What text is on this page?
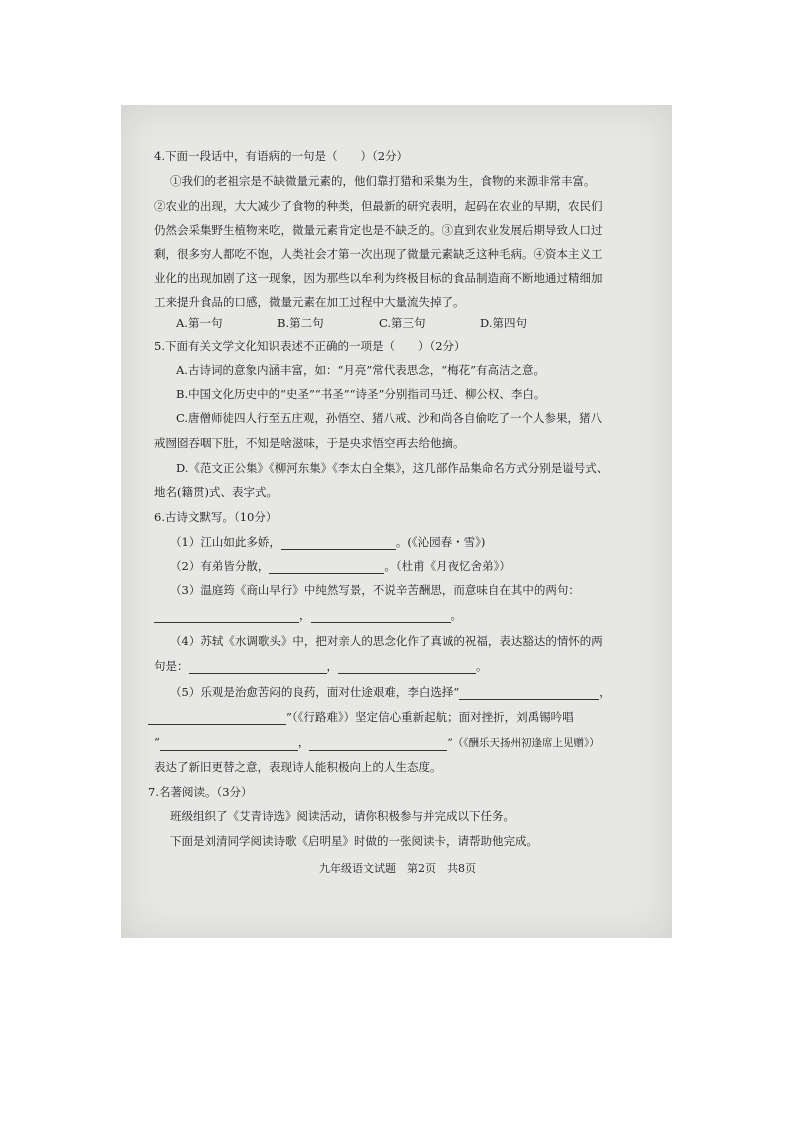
4.下面一段话中，有语病的一句是（　　）（2分）
①我们的老祖宗是不缺微量元素的，他们靠打猎和采集为生，食物的来源非常丰富。
②农业的出现，大大减少了食物的种类，但最新的研究表明，起码在农业的早期，农民们
仍然会采集野生植物来吃，微量元素肯定也是不缺乏的。③直到农业发展后期导致人口过
剩，很多穷人都吃不饱，人类社会才第一次出现了微量元素缺乏这种毛病。④资本主义工
业化的出现加剧了这一现象，因为那些以牟利为终极目标的食品制造商不断地通过精细加
工来提升食品的口感，微量元素在加工过程中大量流失掉了。
A.第一句	B.第二句	C.第三句	D.第四句
5.下面有关文学文化知识表述不正确的一项是（　　）（2分）
A.古诗词的意象内涵丰富，如：“月亮”常代表思念，“梅花”有高洁之意。
B.中国文化历史中的“史圣”“书圣”“诗圣”分别指司马迁、柳公权、李白。
C.唐僧师徒四人行至五庄观，孙悟空、猪八戒、沙和尚各自偷吃了一个人参果，猪八
戒囫囵吞咽下肚，不知是啥滋味，于是央求悟空再去给他摘。
D.《范文正公集》《柳河东集》《李太白全集》，这几部作品集命名方式分别是谥号式、
地名(籍贯)式、表字式。
6.古诗文默写。（10分）
（1）江山如此多娇，	。(《沁园春・雪》)
（2）有弟皆分散，	。（杜甫《月夜忆舍弟》）
（3）温庭筠《商山早行》中纯然写景，不说辛苦酬思，而意味自在其中的两句：
，	。
（4）苏轼《水调歌头》中，把对亲人的思念化作了真诚的祝福，表达豁达的情怀的两
句是：	，	。
（5）乐观是治愈苦闷的良药，面对仕途艰难，李白选择“	，
”（《行路难》）坚定信心重新起航；面对挫折，刘禹锡吟唱
“	，	”（《酬乐天扬州初逢席上见赠》）
表达了新旧更替之意，表现诗人能积极向上的人生态度。
7.名著阅读。（3分）
班级组织了《艾青诗选》阅读活动，请你积极参与并完成以下任务。
下面是刘清同学阅读诗歌《启明星》时做的一张阅读卡，请帮助他完成。
九年级语文试题　第2页　共8页
